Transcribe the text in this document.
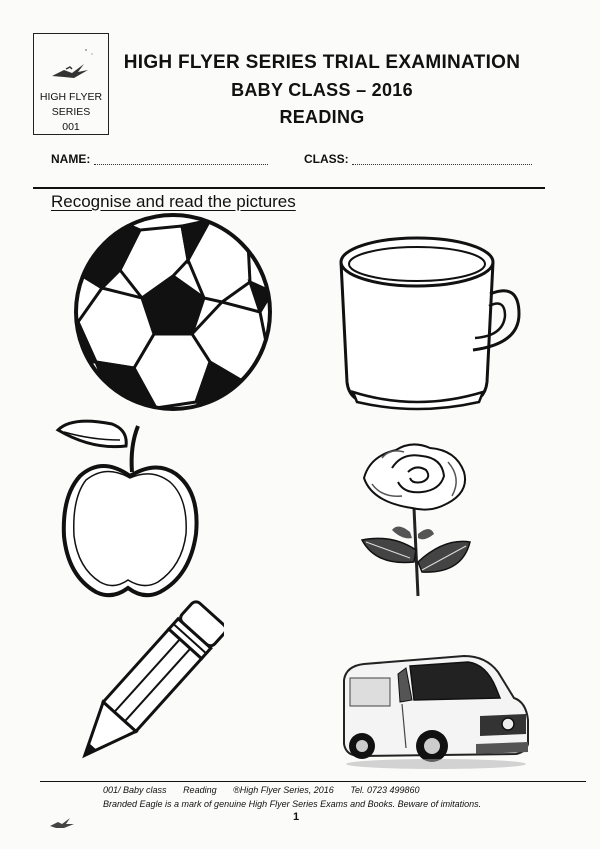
HIGH FLYER
SERIES
001
HIGH FLYER SERIES TRIAL EXAMINATION
BABY CLASS – 2016
READING
NAME:	CLASS:
Recognise and read the pictures
001/ Baby class Reading ®High Flyer Series, 2016 Tel. 0723 499860
Branded Eagle is a mark of genuine High Flyer Series Exams and Books. Beware of imitations.
1
